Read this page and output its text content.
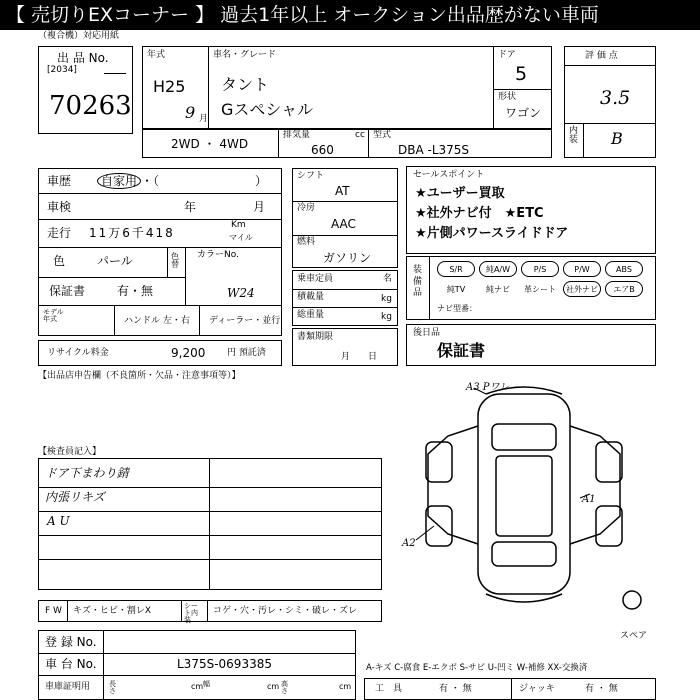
【 売切りEXコーナー 】 過去1年以上 オークション出品歴がない車両
（複合機）対応用紙
出 品 No.
[2034]
70263
年式
H25
9 月
車名・グレード
タント
Gスペシャル
ドア
5
形状
ワゴン
2WD ・ 4WD
排気量	cc
660
型式
DBA -L375S
評 価 点
3.5
内装 B
車歴	自家用 ・（　　　　　　　　）
車検	年	月
走行 11万6千418
Km
マイル
色	パール	色替
カラーNo.
W24
保証書	有・無
モデル年式	ハンドル 左・右 ディーラー・並行
リサイクル料金	9,200 円 預託済
シフト
AT
冷房
AAC
燃料
ガソリン
乗車定員	名
積載量	kg
総重量	kg
書類期限
月　　日
セールスポイント
★ユーザー買取
★社外ナビ付　★ETC
★片側パワースライドドア
装備品
S/R	純A/W	P/S	P/W	ABS
純TV	純ナビ	革シート	社外ナビ	エアB
ナビ型番：
後日品
保証書
【出品店申告欄（不良箇所・欠品・注意事項等）】
【検査員記入】
ドア下まわり錆
内張リキズ
A U
A3 Pワレ
A1
A2
スペア
F W キズ・ヒビ・割レX	シート内装
コゲ・穴・汚レ・シミ・破レ・ズレ
登 録 No.
車 台 No.	L375S-0693385
車庫証明用	長さ	cm 幅	cm 高さ	cm
A-キズ C-腐食 E-エクボ S-サビ U-凹ミ W-補修 XX-交換済
工　具	有 ・ 無	ジャッキ	有 ・ 無
